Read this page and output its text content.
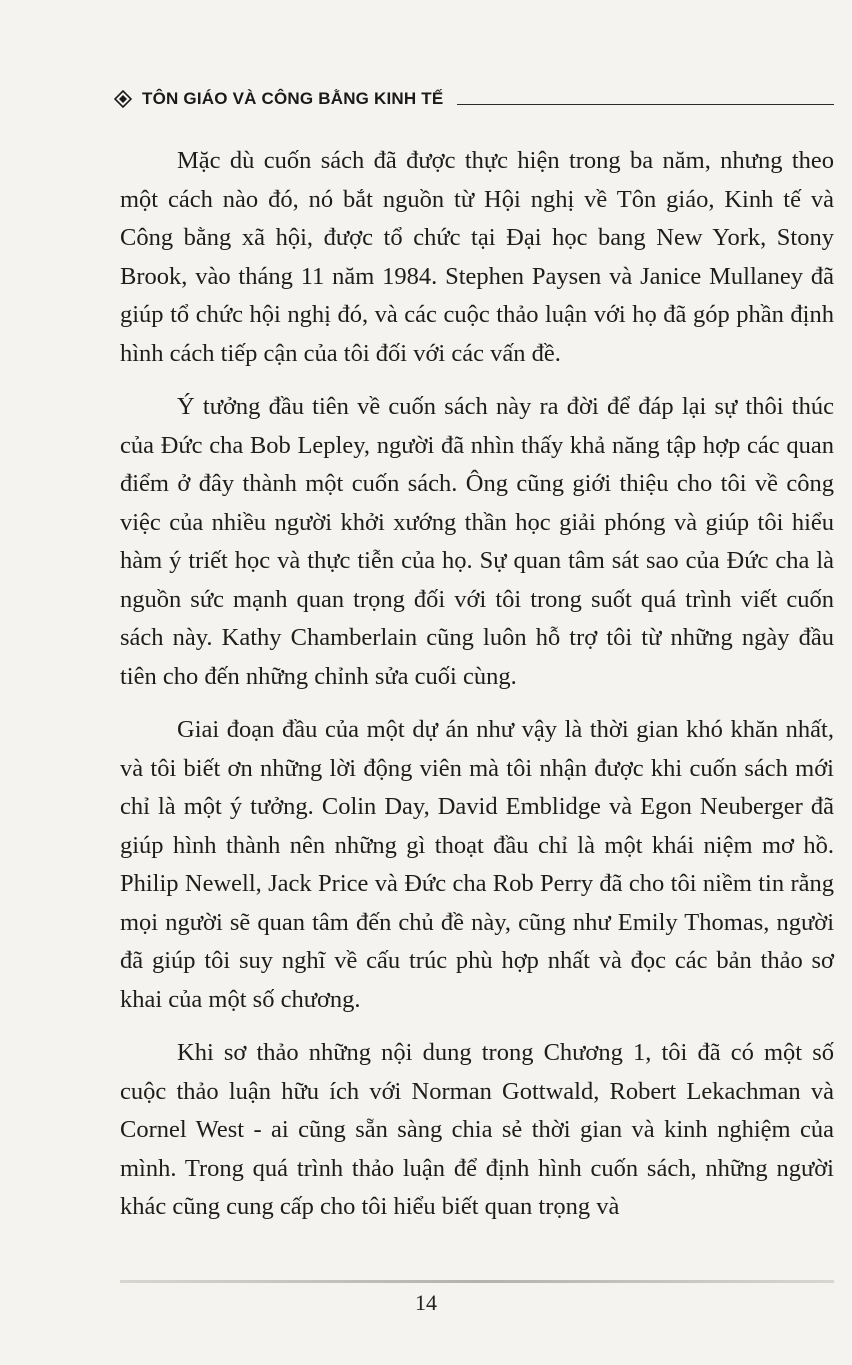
TÔN GIÁO VÀ CÔNG BẰNG KINH TẾ

Mặc dù cuốn sách đã được thực hiện trong ba năm, nhưng theo một cách nào đó, nó bắt nguồn từ Hội nghị về Tôn giáo, Kinh tế và Công bằng xã hội, được tổ chức tại Đại học bang New York, Stony Brook, vào tháng 11 năm 1984. Stephen Paysen và Janice Mullaney đã giúp tổ chức hội nghị đó, và các cuộc thảo luận với họ đã góp phần định hình cách tiếp cận của tôi đối với các vấn đề.

Ý tưởng đầu tiên về cuốn sách này ra đời để đáp lại sự thôi thúc của Đức cha Bob Lepley, người đã nhìn thấy khả năng tập hợp các quan điểm ở đây thành một cuốn sách. Ông cũng giới thiệu cho tôi về công việc của nhiều người khởi xướng thần học giải phóng và giúp tôi hiểu hàm ý triết học và thực tiễn của họ. Sự quan tâm sát sao của Đức cha là nguồn sức mạnh quan trọng đối với tôi trong suốt quá trình viết cuốn sách này. Kathy Chamberlain cũng luôn hỗ trợ tôi từ những ngày đầu tiên cho đến những chỉnh sửa cuối cùng.

Giai đoạn đầu của một dự án như vậy là thời gian khó khăn nhất, và tôi biết ơn những lời động viên mà tôi nhận được khi cuốn sách mới chỉ là một ý tưởng. Colin Day, David Emblidge và Egon Neuberger đã giúp hình thành nên những gì thoạt đầu chỉ là một khái niệm mơ hồ. Philip Newell, Jack Price và Đức cha Rob Perry đã cho tôi niềm tin rằng mọi người sẽ quan tâm đến chủ đề này, cũng như Emily Thomas, người đã giúp tôi suy nghĩ về cấu trúc phù hợp nhất và đọc các bản thảo sơ khai của một số chương.

Khi sơ thảo những nội dung trong Chương 1, tôi đã có một số cuộc thảo luận hữu ích với Norman Gottwald, Robert Lekachman và Cornel West - ai cũng sẵn sàng chia sẻ thời gian và kinh nghiệm của mình. Trong quá trình thảo luận để định hình cuốn sách, những người khác cũng cung cấp cho tôi hiểu biết quan trọng và

14
